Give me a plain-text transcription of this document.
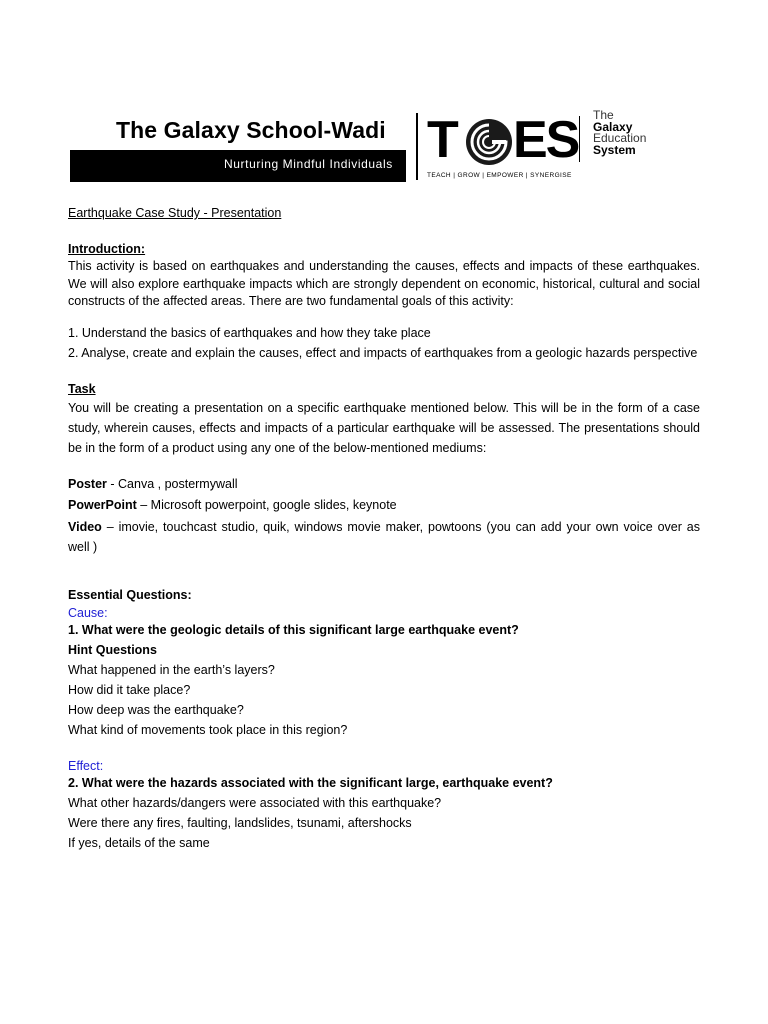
The Galaxy School-Wadi
Nurturing Mindful Individuals T ES The
Galaxy
Education
System
TEACH | GROW | EMPOWER | SYNERGISE

Earthquake Case Study - Presentation

Introduction:

This activity is based on earthquakes and understanding the causes, effects and impacts of these earthquakes. We will also explore earthquake impacts which are strongly dependent on economic, historical, cultural and social constructs of the affected areas. There are two fundamental goals of this activity:

1. Understand the basics of earthquakes and how they take place

2. Analyse, create and explain the causes, effect and impacts of earthquakes from a geologic hazards perspective

Task

You will be creating a presentation on a specific earthquake mentioned below. This will be in the form of a case study, wherein causes, effects and impacts of a particular earthquake will be assessed. The presentations should be in the form of a product using any one of the below-mentioned mediums:

Poster - Canva , postermywall

PowerPoint – Microsoft powerpoint, google slides, keynote

Video – imovie, touchcast studio, quik, windows movie maker, powtoons (you can add your own voice over as well )

Essential Questions:

Cause:

1. What were the geologic details of this significant large earthquake event?

Hint Questions

What happened in the earth’s layers?

How did it take place?

How deep was the earthquake?

What kind of movements took place in this region?

Effect:

2. What were the hazards associated with the significant large, earthquake event?

What other hazards/dangers were associated with this earthquake?

Were there any fires, faulting, landslides, tsunami, aftershocks

If yes, details of the same
